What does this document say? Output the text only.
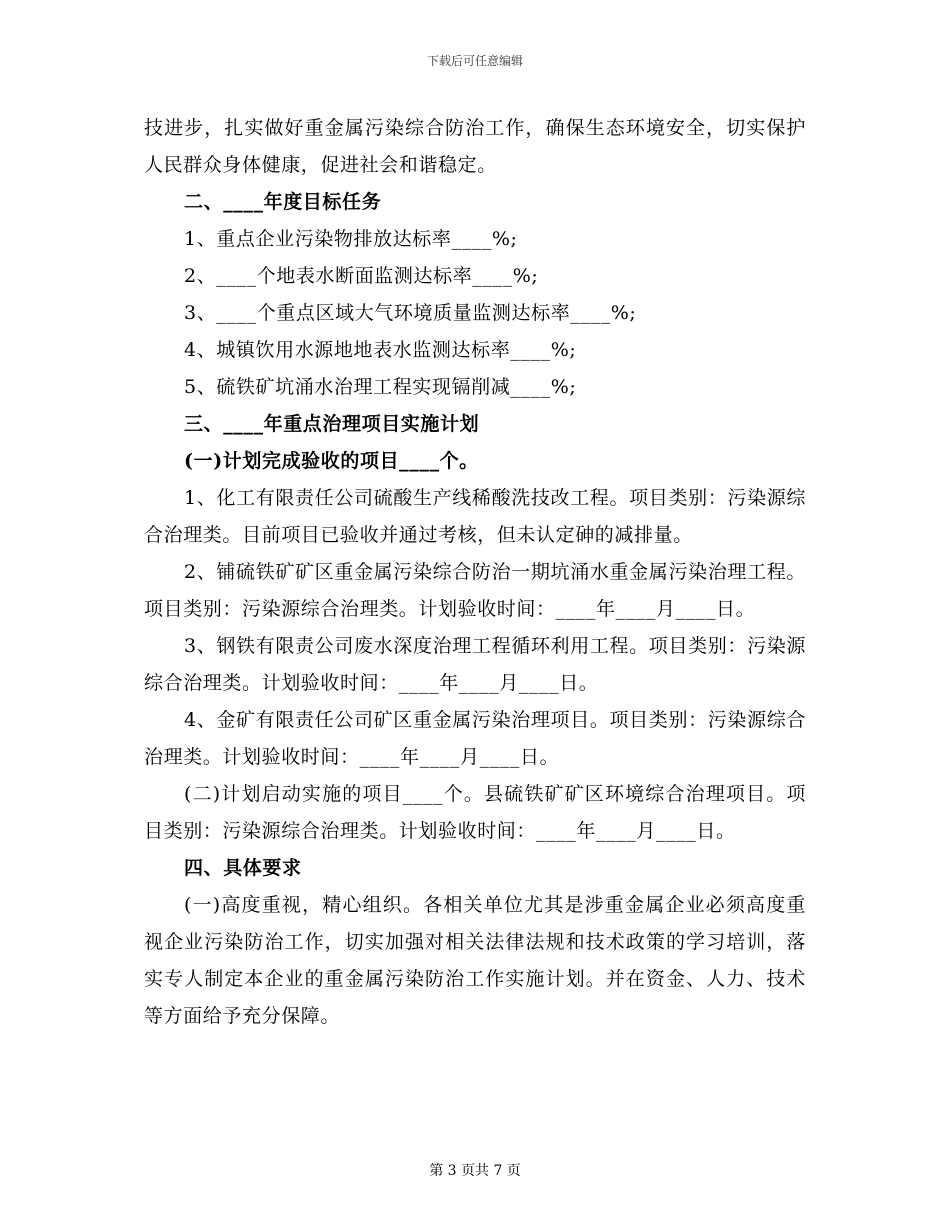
下载后可任意编辑

技进步，扎实做好重金属污染综合防治工作，确保生态环境安全，切实保护人民群众身体健康，促进社会和谐稳定。

二、____年度目标任务

1、重点企业污染物排放达标率____%;

2、____个地表水断面监测达标率____%;

3、____个重点区域大气环境质量监测达标率____%;

4、城镇饮用水源地地表水监测达标率____%;

5、硫铁矿坑涌水治理工程实现镉削减____%;

三、____年重点治理项目实施计划

(一)计划完成验收的项目____个。

1、化工有限责任公司硫酸生产线稀酸洗技改工程。项目类别：污染源综合治理类。目前项目已验收并通过考核，但未认定砷的减排量。

2、铺硫铁矿矿区重金属污染综合防治一期坑涌水重金属污染治理工程。项目类别：污染源综合治理类。计划验收时间：____年____月____日。

3、钢铁有限责公司废水深度治理工程循环利用工程。项目类别：污染源综合治理类。计划验收时间：____年____月____日。

4、金矿有限责任公司矿区重金属污染治理项目。项目类别：污染源综合治理类。计划验收时间：____年____月____日。

(二)计划启动实施的项目____个。县硫铁矿矿区环境综合治理项目。项目类别：污染源综合治理类。计划验收时间：____年____月____日。

四、具体要求

(一)高度重视，精心组织。各相关单位尤其是涉重金属企业必须高度重视企业污染防治工作，切实加强对相关法律法规和技术政策的学习培训，落实专人制定本企业的重金属污染防治工作实施计划。并在资金、人力、技术等方面给予充分保障。

第 3 页共 7 页
